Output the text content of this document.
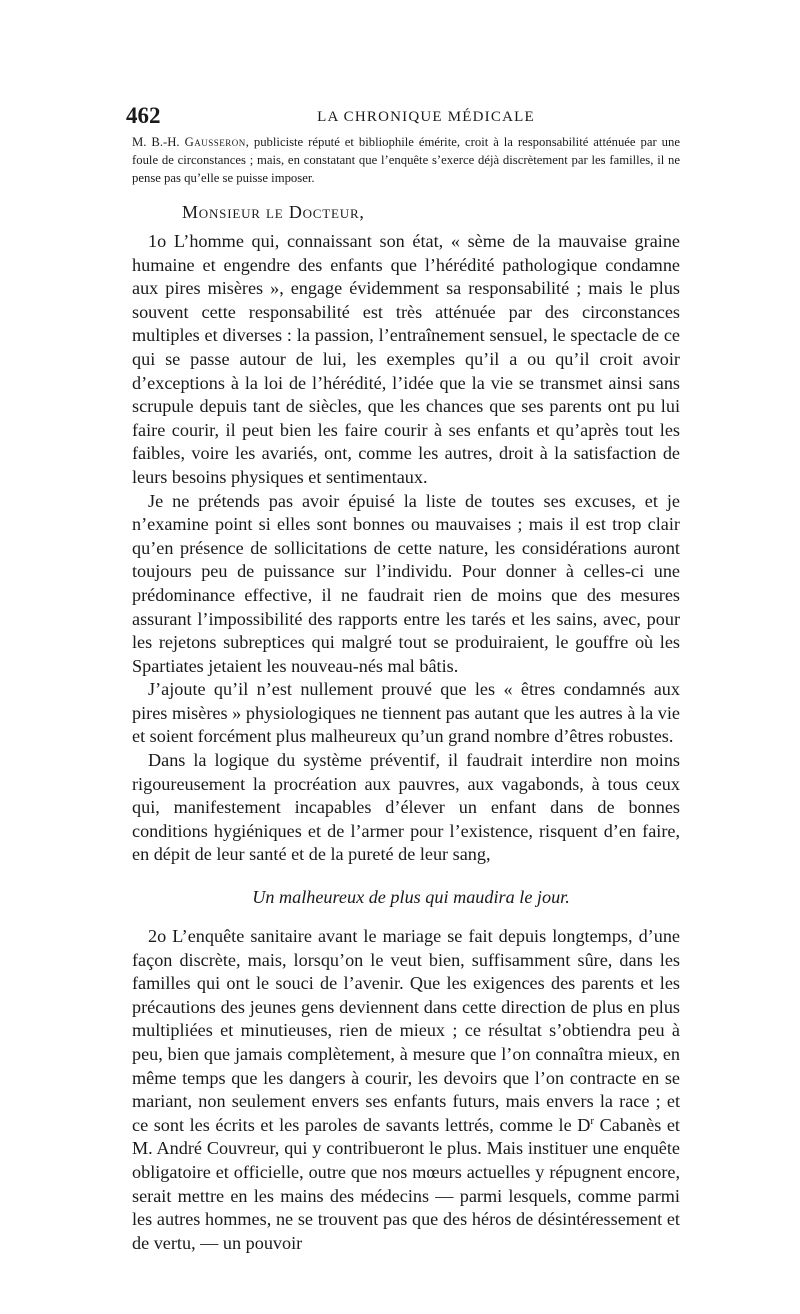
462	LA CHRONIQUE MÉDICALE

M. B.-H. Gausseron, publiciste réputé et bibliophile émérite, croit à la responsabilité atténuée par une foule de circonstances ; mais, en constatant que l’enquête s’exerce déjà discrètement par les familles, il ne pense pas qu’elle se puisse imposer.

Monsieur le Docteur,

1o L’homme qui, connaissant son état, « sème de la mauvaise graine humaine et engendre des enfants que l’hérédité pathologique condamne aux pires misères », engage évidemment sa responsabilité ; mais le plus souvent cette responsabilité est très atténuée par des circonstances multiples et diverses : la passion, l’entraînement sensuel, le spectacle de ce qui se passe autour de lui, les exemples qu’il a ou qu’il croit avoir d’exceptions à la loi de l’hérédité, l’idée que la vie se transmet ainsi sans scrupule depuis tant de siècles, que les chances que ses parents ont pu lui faire courir, il peut bien les faire courir à ses enfants et qu’après tout les faibles, voire les avariés, ont, comme les autres, droit à la satisfaction de leurs besoins physiques et sentimentaux.

Je ne prétends pas avoir épuisé la liste de toutes ses excuses, et je n’examine point si elles sont bonnes ou mauvaises ; mais il est trop clair qu’en présence de sollicitations de cette nature, les considérations auront toujours peu de puissance sur l’individu. Pour donner à celles-ci une prédominance effective, il ne faudrait rien de moins que des mesures assurant l’impossibilité des rapports entre les tarés et les sains, avec, pour les rejetons subreptices qui malgré tout se produiraient, le gouffre où les Spartiates jetaient les nouveau-nés mal bâtis.

J’ajoute qu’il n’est nullement prouvé que les « êtres condamnés aux pires misères » physiologiques ne tiennent pas autant que les autres à la vie et soient forcément plus malheureux qu’un grand nombre d’êtres robustes.

Dans la logique du système préventif, il faudrait interdire non moins rigoureusement la procréation aux pauvres, aux vagabonds, à tous ceux qui, manifestement incapables d’élever un enfant dans de bonnes conditions hygiéniques et de l’armer pour l’existence, risquent d’en faire, en dépit de leur santé et de la pureté de leur sang,

Un malheureux de plus qui maudira le jour.

2o L’enquête sanitaire avant le mariage se fait depuis longtemps, d’une façon discrète, mais, lorsqu’on le veut bien, suffisamment sûre, dans les familles qui ont le souci de l’avenir. Que les exigences des parents et les précautions des jeunes gens deviennent dans cette direction de plus en plus multipliées et minutieuses, rien de mieux ; ce résultat s’obtiendra peu à peu, bien que jamais complètement, à mesure que l’on connaîtra mieux, en même temps que les dangers à courir, les devoirs que l’on contracte en se mariant, non seulement envers ses enfants futurs, mais envers la race ; et ce sont les écrits et les paroles de savants lettrés, comme le $D^r$ Cabanès et M. André Couvreur, qui y contribueront le plus. Mais instituer une enquête obligatoire et officielle, outre que nos mœurs actuelles y répugnent encore, serait mettre en les mains des médecins — parmi lesquels, comme parmi les autres hommes, ne se trouvent pas que des héros de désintéressement et de vertu, — un pouvoir
